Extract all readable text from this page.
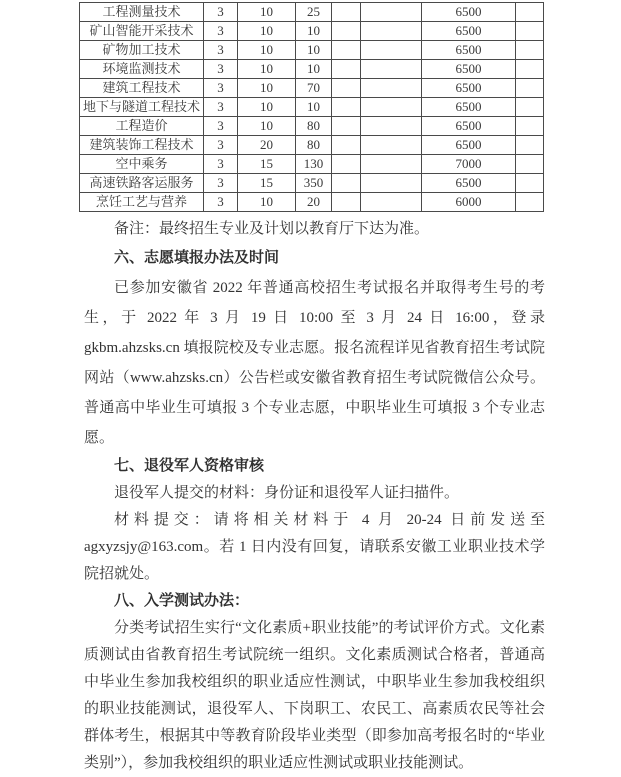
工程测量技术	3	10	25			6500	
矿山智能开采技术	3	10	10			6500	
矿物加工技术	3	10	10			6500	
环境监测技术	3	10	10			6500	
建筑工程技术	3	10	70			6500	
地下与隧道工程技术	3	10	10			6500	
工程造价	3	10	80			6500	
建筑装饰工程技术	3	20	80			6500	
空中乘务	3	15	130			7000	
高速铁路客运服务	3	15	350			6500	
烹饪工艺与营养	3	10	20			6000	

备注：最终招生专业及计划以教育厅下达为准。

六、志愿填报办法及时间

已参加安徽省 2022 年普通高校招生考试报名并取得考生号的考生，于 2022 年 3 月 19 日 10:00 至 3 月 24 日 16:00，登录 gkbm.ahzsks.cn 填报院校及专业志愿。报名流程详见省教育招生考试院网站（www.ahzsks.cn）公告栏或安徽省教育招生考试院微信公众号。普通高中毕业生可填报 3 个专业志愿，中职毕业生可填报 3 个专业志愿。

七、退役军人资格审核

退役军人提交的材料：身份证和退役军人证扫描件。

材料提交：请将相关材料于 4 月 20-24 日前发送至 agxyzsjy@163.com。若 1 日内没有回复，请联系安徽工业职业技术学院招就处。

八、入学测试办法：

分类考试招生实行“文化素质+职业技能”的考试评价方式。文化素质测试由省教育招生考试院统一组织。文化素质测试合格者，普通高中毕业生参加我校组织的职业适应性测试，中职毕业生参加我校组织的职业技能测试，退役军人、下岗职工、农民工、高素质农民等社会群体考生，根据其中等教育阶段毕业类型（即参加高考报名时的“毕业类别”），参加我校组织的职业适应性测试或职业技能测试。
